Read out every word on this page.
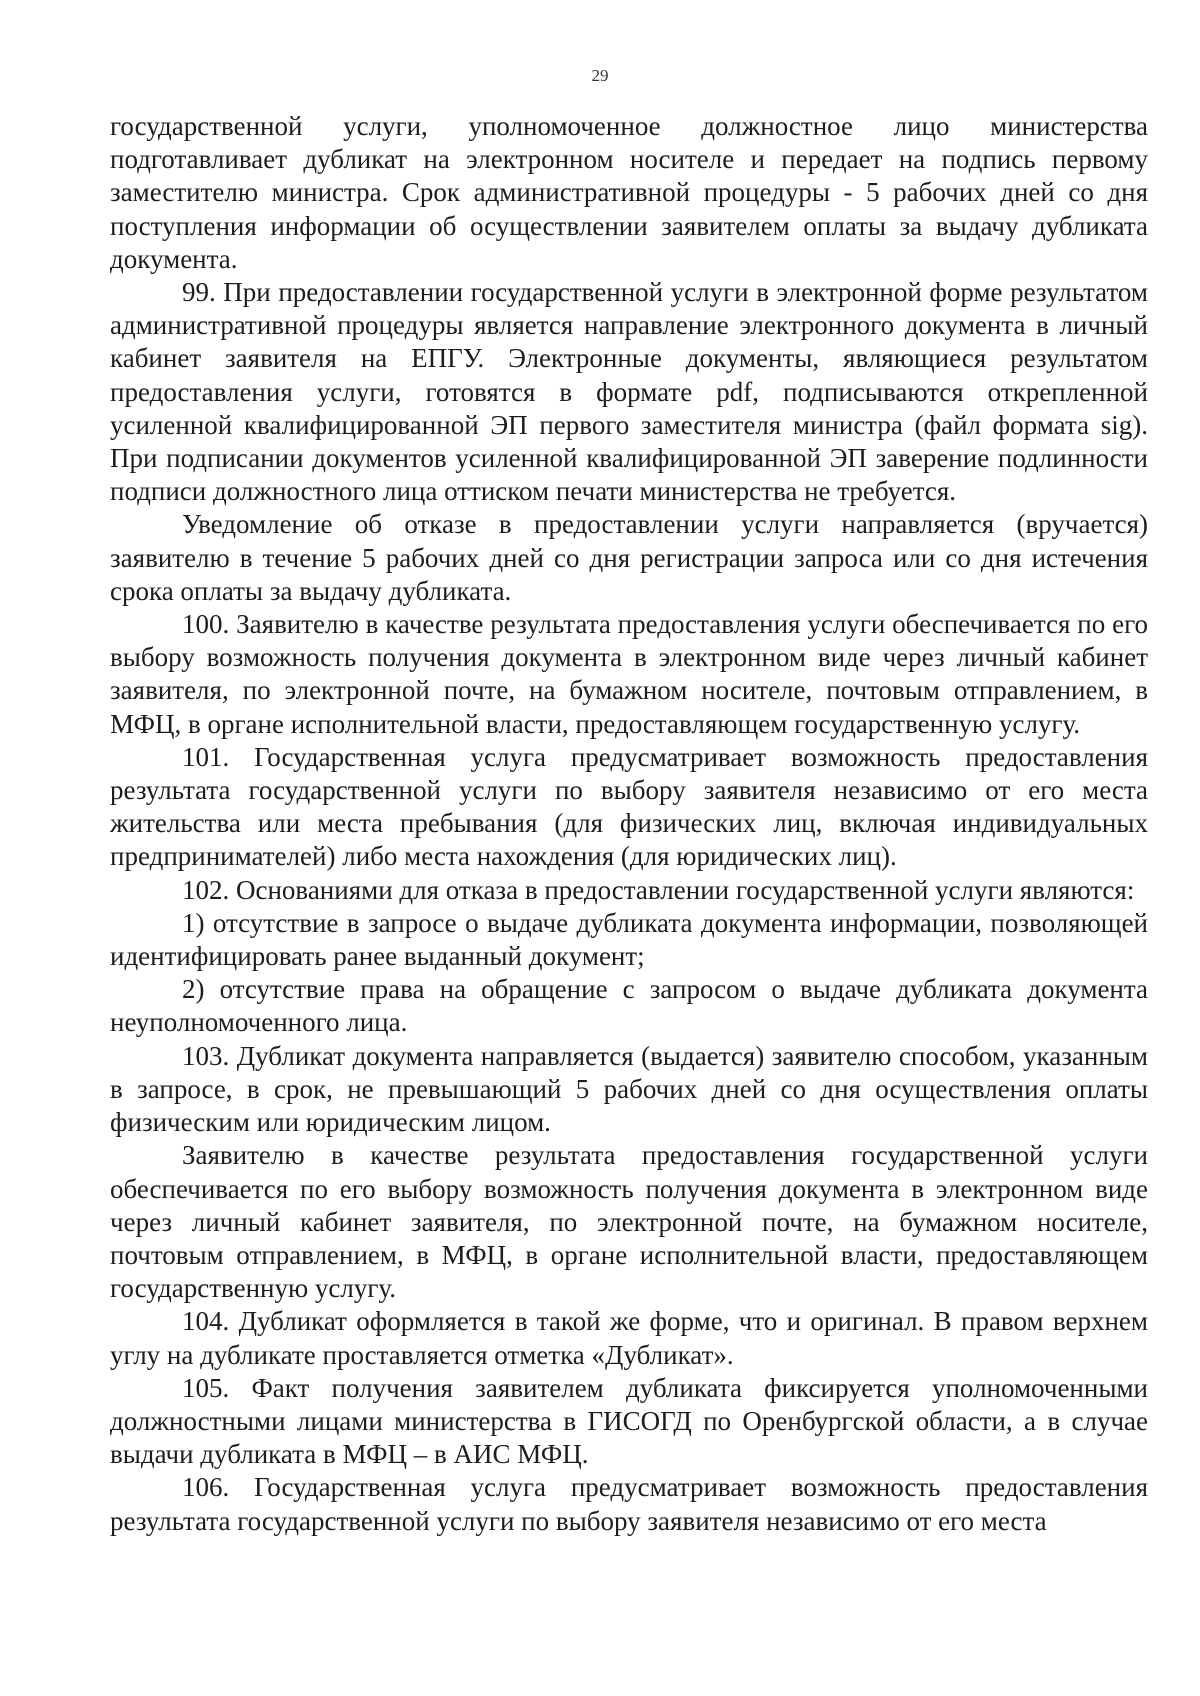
29

государственной услуги, уполномоченное должностное лицо министерства подготавливает дубликат на электронном носителе и передает на подпись первому заместителю министра. Срок административной процедуры - 5 рабочих дней со дня поступления информации об осуществлении заявителем оплаты за выдачу дубликата документа.

99. При предоставлении государственной услуги в электронной форме результатом административной процедуры является направление электронного документа в личный кабинет заявителя на ЕПГУ. Электронные документы, являющиеся результатом предоставления услуги, готовятся в формате pdf, подписываются открепленной усиленной квалифицированной ЭП первого заместителя министра (файл формата sig). При подписании документов усиленной квалифицированной ЭП заверение подлинности подписи должностного лица оттиском печати министерства не требуется.

Уведомление об отказе в предоставлении услуги направляется (вручается) заявителю в течение 5 рабочих дней со дня регистрации запроса или со дня истечения срока оплаты за выдачу дубликата.

100. Заявителю в качестве результата предоставления услуги обеспечивается по его выбору возможность получения документа в электронном виде через личный кабинет заявителя, по электронной почте, на бумажном носителе, почтовым отправлением, в МФЦ, в органе исполнительной власти, предоставляющем государственную услугу.

101. Государственная услуга предусматривает возможность предоставления результата государственной услуги по выбору заявителя независимо от его места жительства или места пребывания (для физических лиц, включая индивидуальных предпринимателей) либо места нахождения (для юридических лиц).

102. Основаниями для отказа в предоставлении государственной услуги являются:

1) отсутствие в запросе о выдаче дубликата документа информации, позволяющей идентифицировать ранее выданный документ;

2) отсутствие права на обращение с запросом о выдаче дубликата документа неуполномоченного лица.

103. Дубликат документа направляется (выдается) заявителю способом, указанным в запросе, в срок, не превышающий 5 рабочих дней со дня осуществления оплаты физическим или юридическим лицом.

Заявителю в качестве результата предоставления государственной услуги обеспечивается по его выбору возможность получения документа в электронном виде через личный кабинет заявителя, по электронной почте, на бумажном носителе, почтовым отправлением, в МФЦ, в органе исполнительной власти, предоставляющем государственную услугу.

104. Дубликат оформляется в такой же форме, что и оригинал. В правом верхнем углу на дубликате проставляется отметка «Дубликат».

105. Факт получения заявителем дубликата фиксируется уполномоченными должностными лицами министерства в ГИСОГД по Оренбургской области, а в случае выдачи дубликата в МФЦ – в АИС МФЦ.

106. Государственная услуга предусматривает возможность предоставления результата государственной услуги по выбору заявителя независимо от его места
